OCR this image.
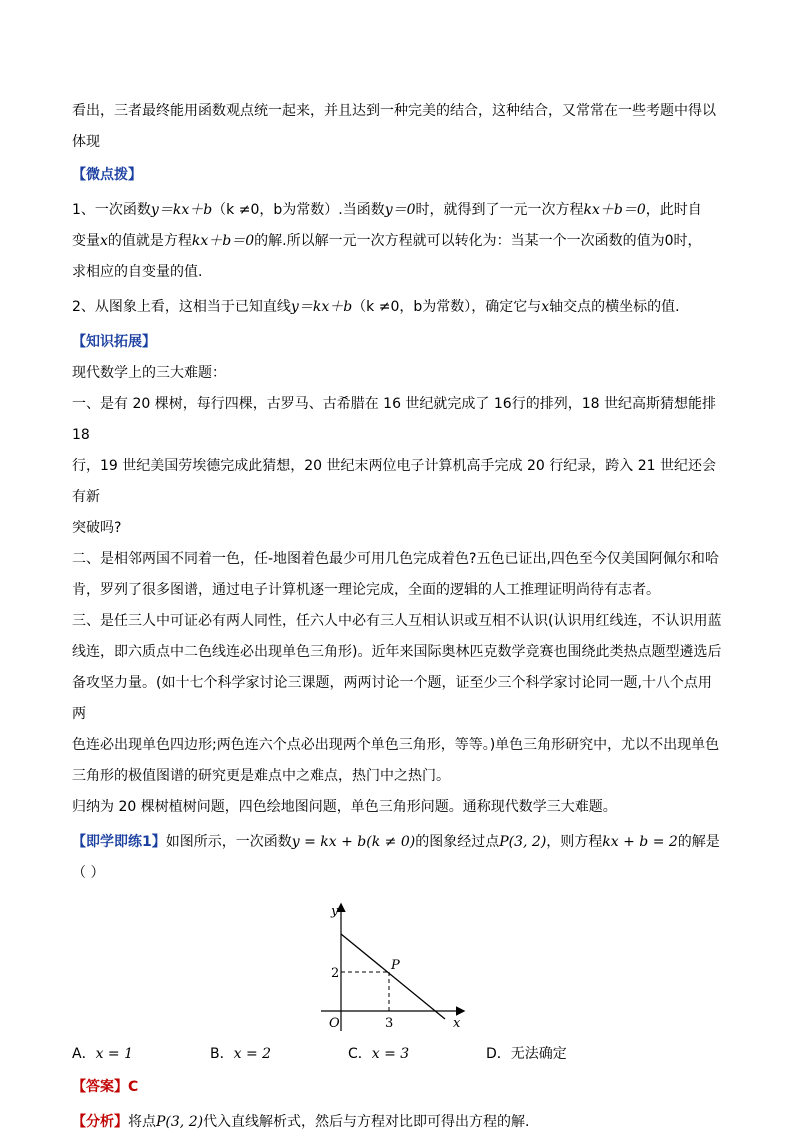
看出，三者最终能用函数观点统一起来，并且达到一种完美的结合，这种结合，又常常在一些考题中得以

体现

【微点拨】

1、一次函数y＝kx＋b（k ≠0，b为常数）.当函数y＝0时，就得到了一元一次方程kx＋b＝0，此时自

变量x的值就是方程kx＋b＝0的解.所以解一元一次方程就可以转化为：当某一个一次函数的值为0时，

求相应的自变量的值.

2、从图象上看，这相当于已知直线y＝kx＋b（k ≠0，b为常数），确定它与x轴交点的横坐标的值.

【知识拓展】

现代数学上的三大难题：

一、是有 20 棵树，每行四棵，古罗马、古希腊在 16 世纪就完成了 16行的排列，18 世纪高斯猜想能排 18

行，19 世纪美国劳埃德完成此猜想，20 世纪末两位电子计算机高手完成 20 行纪录，跨入 21 世纪还会有新

突破吗?

二、是相邻两国不同着一色，任-地图着色最少可用几色完成着色?五色已证出,四色至今仅美国阿佩尔和哈

肯，罗列了很多图谱，通过电子计算机逐一理论完成，全面的逻辑的人工推理证明尚待有志者。

三、是任三人中可证必有两人同性，任六人中必有三人互相认识或互相不认识(认识用红线连，不认识用蓝

线连，即六质点中二色线连必出现单色三角形)。近年来国际奥林匹克数学竞赛也围绕此类热点题型遴选后

备攻坚力量。(如十七个科学家讨论三课题，两两讨论一个题，证至少三个科学家讨论同一题,十八个点用两

色连必出现单色四边形;两色连六个点必出现两个单色三角形，等等。)单色三角形研究中，尤以不出现单色

三角形的极值图谱的研究更是难点中之难点，热门中之热门。

归纳为 20 棵树植树问题，四色绘地图问题，单色三角形问题。通称现代数学三大难题。

【即学即练1】如图所示，一次函数y = kx + b(k ≠ 0)的图象经过点P(3, 2)，则方程kx + b = 2的解是（ ）

y
x
O
P
2
3
A．x = 1	B．x = 2	C．x = 3	D．无法确定

【答案】C

【分析】将点P(3, 2)代入直线解析式，然后与方程对比即可得出方程的解.
